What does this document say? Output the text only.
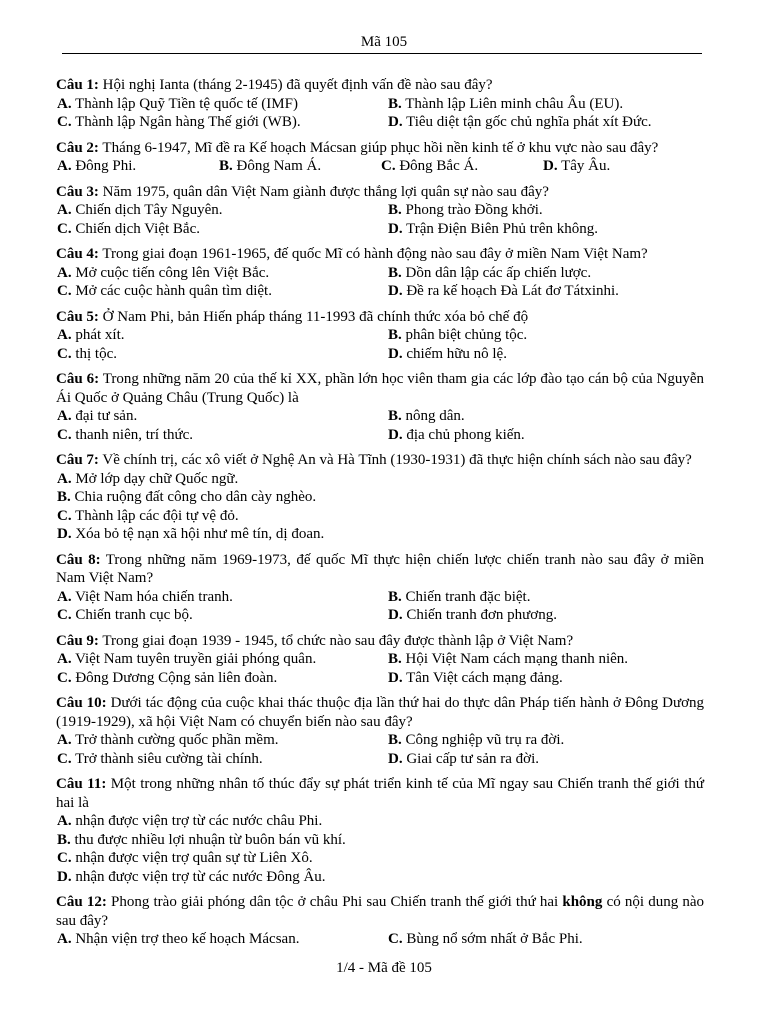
Mã 105
Câu 1: Hội nghị Ianta (tháng 2-1945) đã quyết định vấn đề nào sau đây?
A. Thành lập Quỹ Tiền tệ quốc tế (IMF)	B. Thành lập Liên minh châu Âu (EU).
C. Thành lập Ngân hàng Thế giới (WB).	D. Tiêu diệt tận gốc chủ nghĩa phát xít Đức.
Câu 2: Tháng 6-1947, Mĩ đề ra Kế hoạch Mácsan giúp phục hồi nền kinh tế ở khu vực nào sau đây?
A. Đông Phi.	B. Đông Nam Á.	C. Đông Bắc Á.	D. Tây Âu.
Câu 3: Năm 1975, quân dân Việt Nam giành được thắng lợi quân sự nào sau đây?
A. Chiến dịch Tây Nguyên.	B. Phong trào Đồng khởi.
C. Chiến dịch Việt Bắc.	D. Trận Điện Biên Phủ trên không.
Câu 4: Trong giai đoạn 1961-1965, đế quốc Mĩ có hành động nào sau đây ở miền Nam Việt Nam?
A. Mở cuộc tiến công lên Việt Bắc.	B. Dồn dân lập các ấp chiến lược.
C. Mở các cuộc hành quân tìm diệt.	D. Đề ra kế hoạch Đà Lát đơ Tátxinhi.
Câu 5: Ở Nam Phi, bản Hiến pháp tháng 11-1993 đã chính thức xóa bỏ chế độ
A. phát xít.	B. phân biệt chủng tộc.
C. thị tộc.	D. chiếm hữu nô lệ.
Câu 6: Trong những năm 20 của thế kỉ XX, phần lớn học viên tham gia các lớp đào tạo cán bộ của Nguyễn Ái Quốc ở Quảng Châu (Trung Quốc) là
A. đại tư sản.	B. nông dân.
C. thanh niên, trí thức.	D. địa chủ phong kiến.
Câu 7: Về chính trị, các xô viết ở Nghệ An và Hà Tĩnh (1930-1931) đã thực hiện chính sách nào sau đây?
A. Mở lớp dạy chữ Quốc ngữ.
B. Chia ruộng đất công cho dân cày nghèo.
C. Thành lập các đội tự vệ đỏ.
D. Xóa bỏ tệ nạn xã hội như mê tín, dị đoan.
Câu 8: Trong những năm 1969-1973, đế quốc Mĩ thực hiện chiến lược chiến tranh nào sau đây ở miền Nam Việt Nam?
A. Việt Nam hóa chiến tranh.	B. Chiến tranh đặc biệt.
C. Chiến tranh cục bộ.	D. Chiến tranh đơn phương.
Câu 9: Trong giai đoạn 1939 - 1945, tổ chức nào sau đây được thành lập ở Việt Nam?
A. Việt Nam tuyên truyền giải phóng quân.	B. Hội Việt Nam cách mạng thanh niên.
C. Đông Dương Cộng sản liên đoàn.	D. Tân Việt cách mạng đảng.
Câu 10: Dưới tác động của cuộc khai thác thuộc địa lần thứ hai do thực dân Pháp tiến hành ở Đông Dương (1919-1929), xã hội Việt Nam có chuyển biến nào sau đây?
A. Trở thành cường quốc phần mềm.	B. Công nghiệp vũ trụ ra đời.
C. Trở thành siêu cường tài chính.	D. Giai cấp tư sản ra đời.
Câu 11: Một trong những nhân tố thúc đẩy sự phát triển kinh tế của Mĩ ngay sau Chiến tranh thế giới thứ hai là
A. nhận được viện trợ từ các nước châu Phi.
B. thu được nhiều lợi nhuận từ buôn bán vũ khí.
C. nhận được viện trợ quân sự từ Liên Xô.
D. nhận được viện trợ từ các nước Đông Âu.
Câu 12: Phong trào giải phóng dân tộc ở châu Phi sau Chiến tranh thế giới thứ hai không có nội dung nào sau đây?
A. Nhận viện trợ theo kế hoạch Mácsan.	C. Bùng nổ sớm nhất ở Bắc Phi.
1/4 - Mã đề 105
